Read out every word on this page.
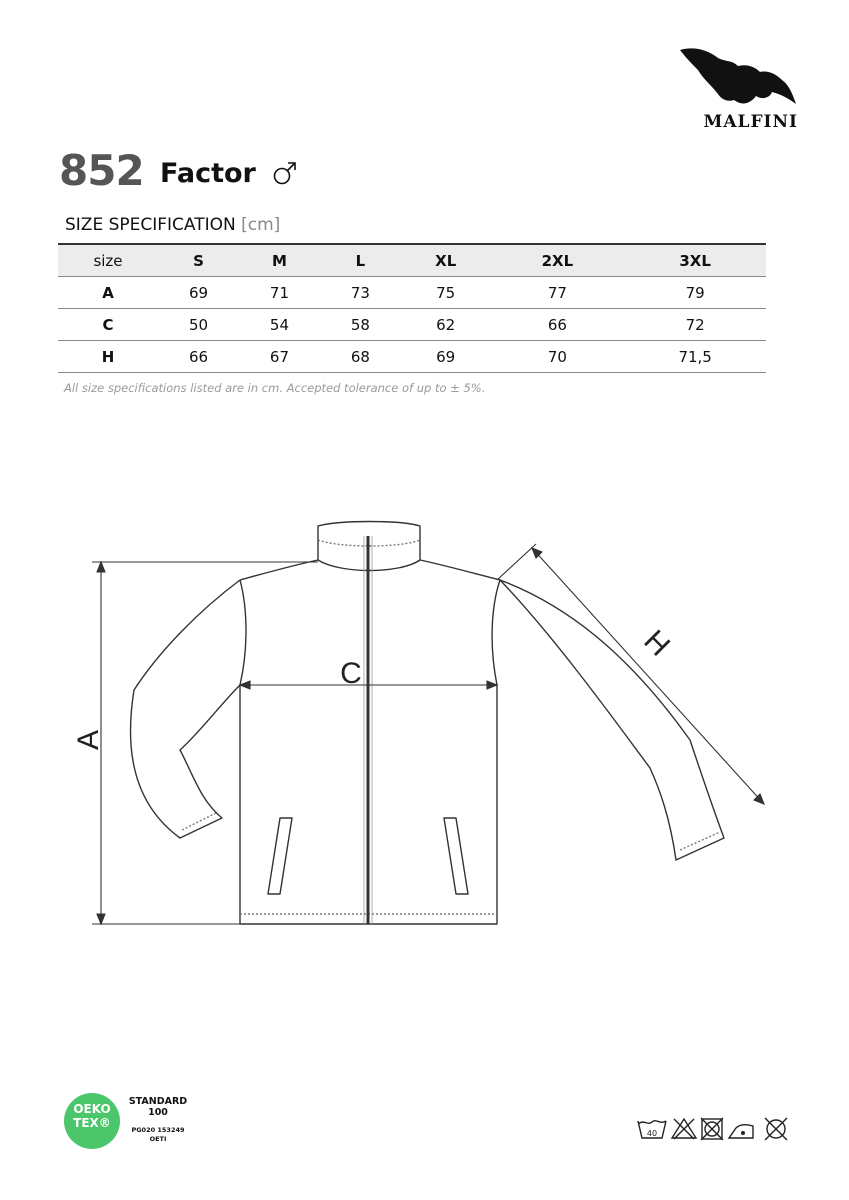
MALFINI
852 Factor
SIZE SPECIFICATION [cm]
size	S	M	L	XL	2XL	3XL
A	69	71	73	75	77	79
C	50	54	58	62	66	72
H	66	67	68	69	70	71,5
All size specifications listed are in cm. Accepted tolerance of up to ± 5%.
A
C
H
OEKO
TEX®
STANDARD
100
PG020 153249
OETI
40
